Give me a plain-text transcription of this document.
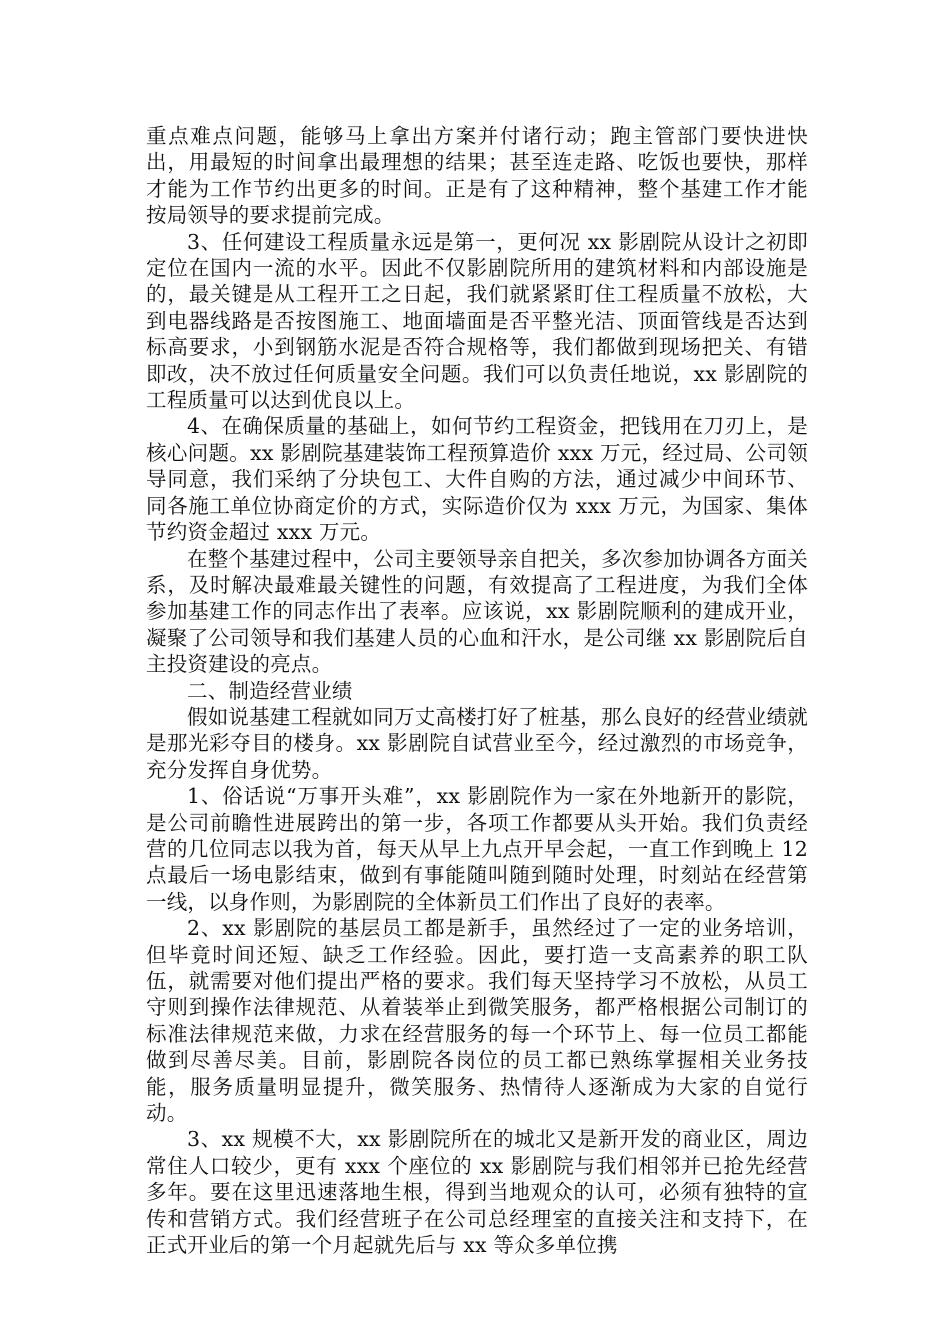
重点难点问题，能够马上拿出方案并付诸行动；跑主管部门要快进快出，用最短的时间拿出最理想的结果；甚至连走路、吃饭也要快，那样才能为工作节约出更多的时间。正是有了这种精神，整个基建工作才能按局领导的要求提前完成。

3、任何建设工程质量永远是第一，更何况 xx 影剧院从设计之初即定位在国内一流的水平。因此不仅影剧院所用的建筑材料和内部设施是的，最关键是从工程开工之日起，我们就紧紧盯住工程质量不放松，大到电器线路是否按图施工、地面墙面是否平整光洁、顶面管线是否达到标高要求，小到钢筋水泥是否符合规格等，我们都做到现场把关、有错即改，决不放过任何质量安全问题。我们可以负责任地说，xx 影剧院的工程质量可以达到优良以上。

4、在确保质量的基础上，如何节约工程资金，把钱用在刀刃上，是核心问题。xx 影剧院基建装饰工程预算造价 xxx 万元，经过局、公司领导同意，我们采纳了分块包工、大件自购的方法，通过减少中间环节、同各施工单位协商定价的方式，实际造价仅为 xxx 万元，为国家、集体节约资金超过 xxx 万元。

在整个基建过程中，公司主要领导亲自把关，多次参加协调各方面关系，及时解决最难最关键性的问题，有效提高了工程进度，为我们全体参加基建工作的同志作出了表率。应该说，xx 影剧院顺利的建成开业，凝聚了公司领导和我们基建人员的心血和汗水，是公司继 xx 影剧院后自主投资建设的亮点。

二、制造经营业绩

假如说基建工程就如同万丈高楼打好了桩基，那么良好的经营业绩就是那光彩夺目的楼身。xx 影剧院自试营业至今，经过激烈的市场竞争，充分发挥自身优势。

1、俗话说“万事开头难”，xx 影剧院作为一家在外地新开的影院，是公司前瞻性进展跨出的第一步，各项工作都要从头开始。我们负责经营的几位同志以我为首，每天从早上九点开早会起，一直工作到晚上 12 点最后一场电影结束，做到有事能随叫随到随时处理，时刻站在经营第一线，以身作则，为影剧院的全体新员工们作出了良好的表率。

2、xx 影剧院的基层员工都是新手，虽然经过了一定的业务培训，但毕竟时间还短、缺乏工作经验。因此，要打造一支高素养的职工队伍，就需要对他们提出严格的要求。我们每天坚持学习不放松，从员工守则到操作法律规范、从着装举止到微笑服务，都严格根据公司制订的标准法律规范来做，力求在经营服务的每一个环节上、每一位员工都能做到尽善尽美。目前，影剧院各岗位的员工都已熟练掌握相关业务技能，服务质量明显提升，微笑服务、热情待人逐渐成为大家的自觉行动。

3、xx 规模不大，xx 影剧院所在的城北又是新开发的商业区，周边常住人口较少，更有 xxx 个座位的 xx 影剧院与我们相邻并已抢先经营多年。要在这里迅速落地生根，得到当地观众的认可，必须有独特的宣传和营销方式。我们经营班子在公司总经理室的直接关注和支持下，在正式开业后的第一个月起就先后与 xx 等众多单位携
